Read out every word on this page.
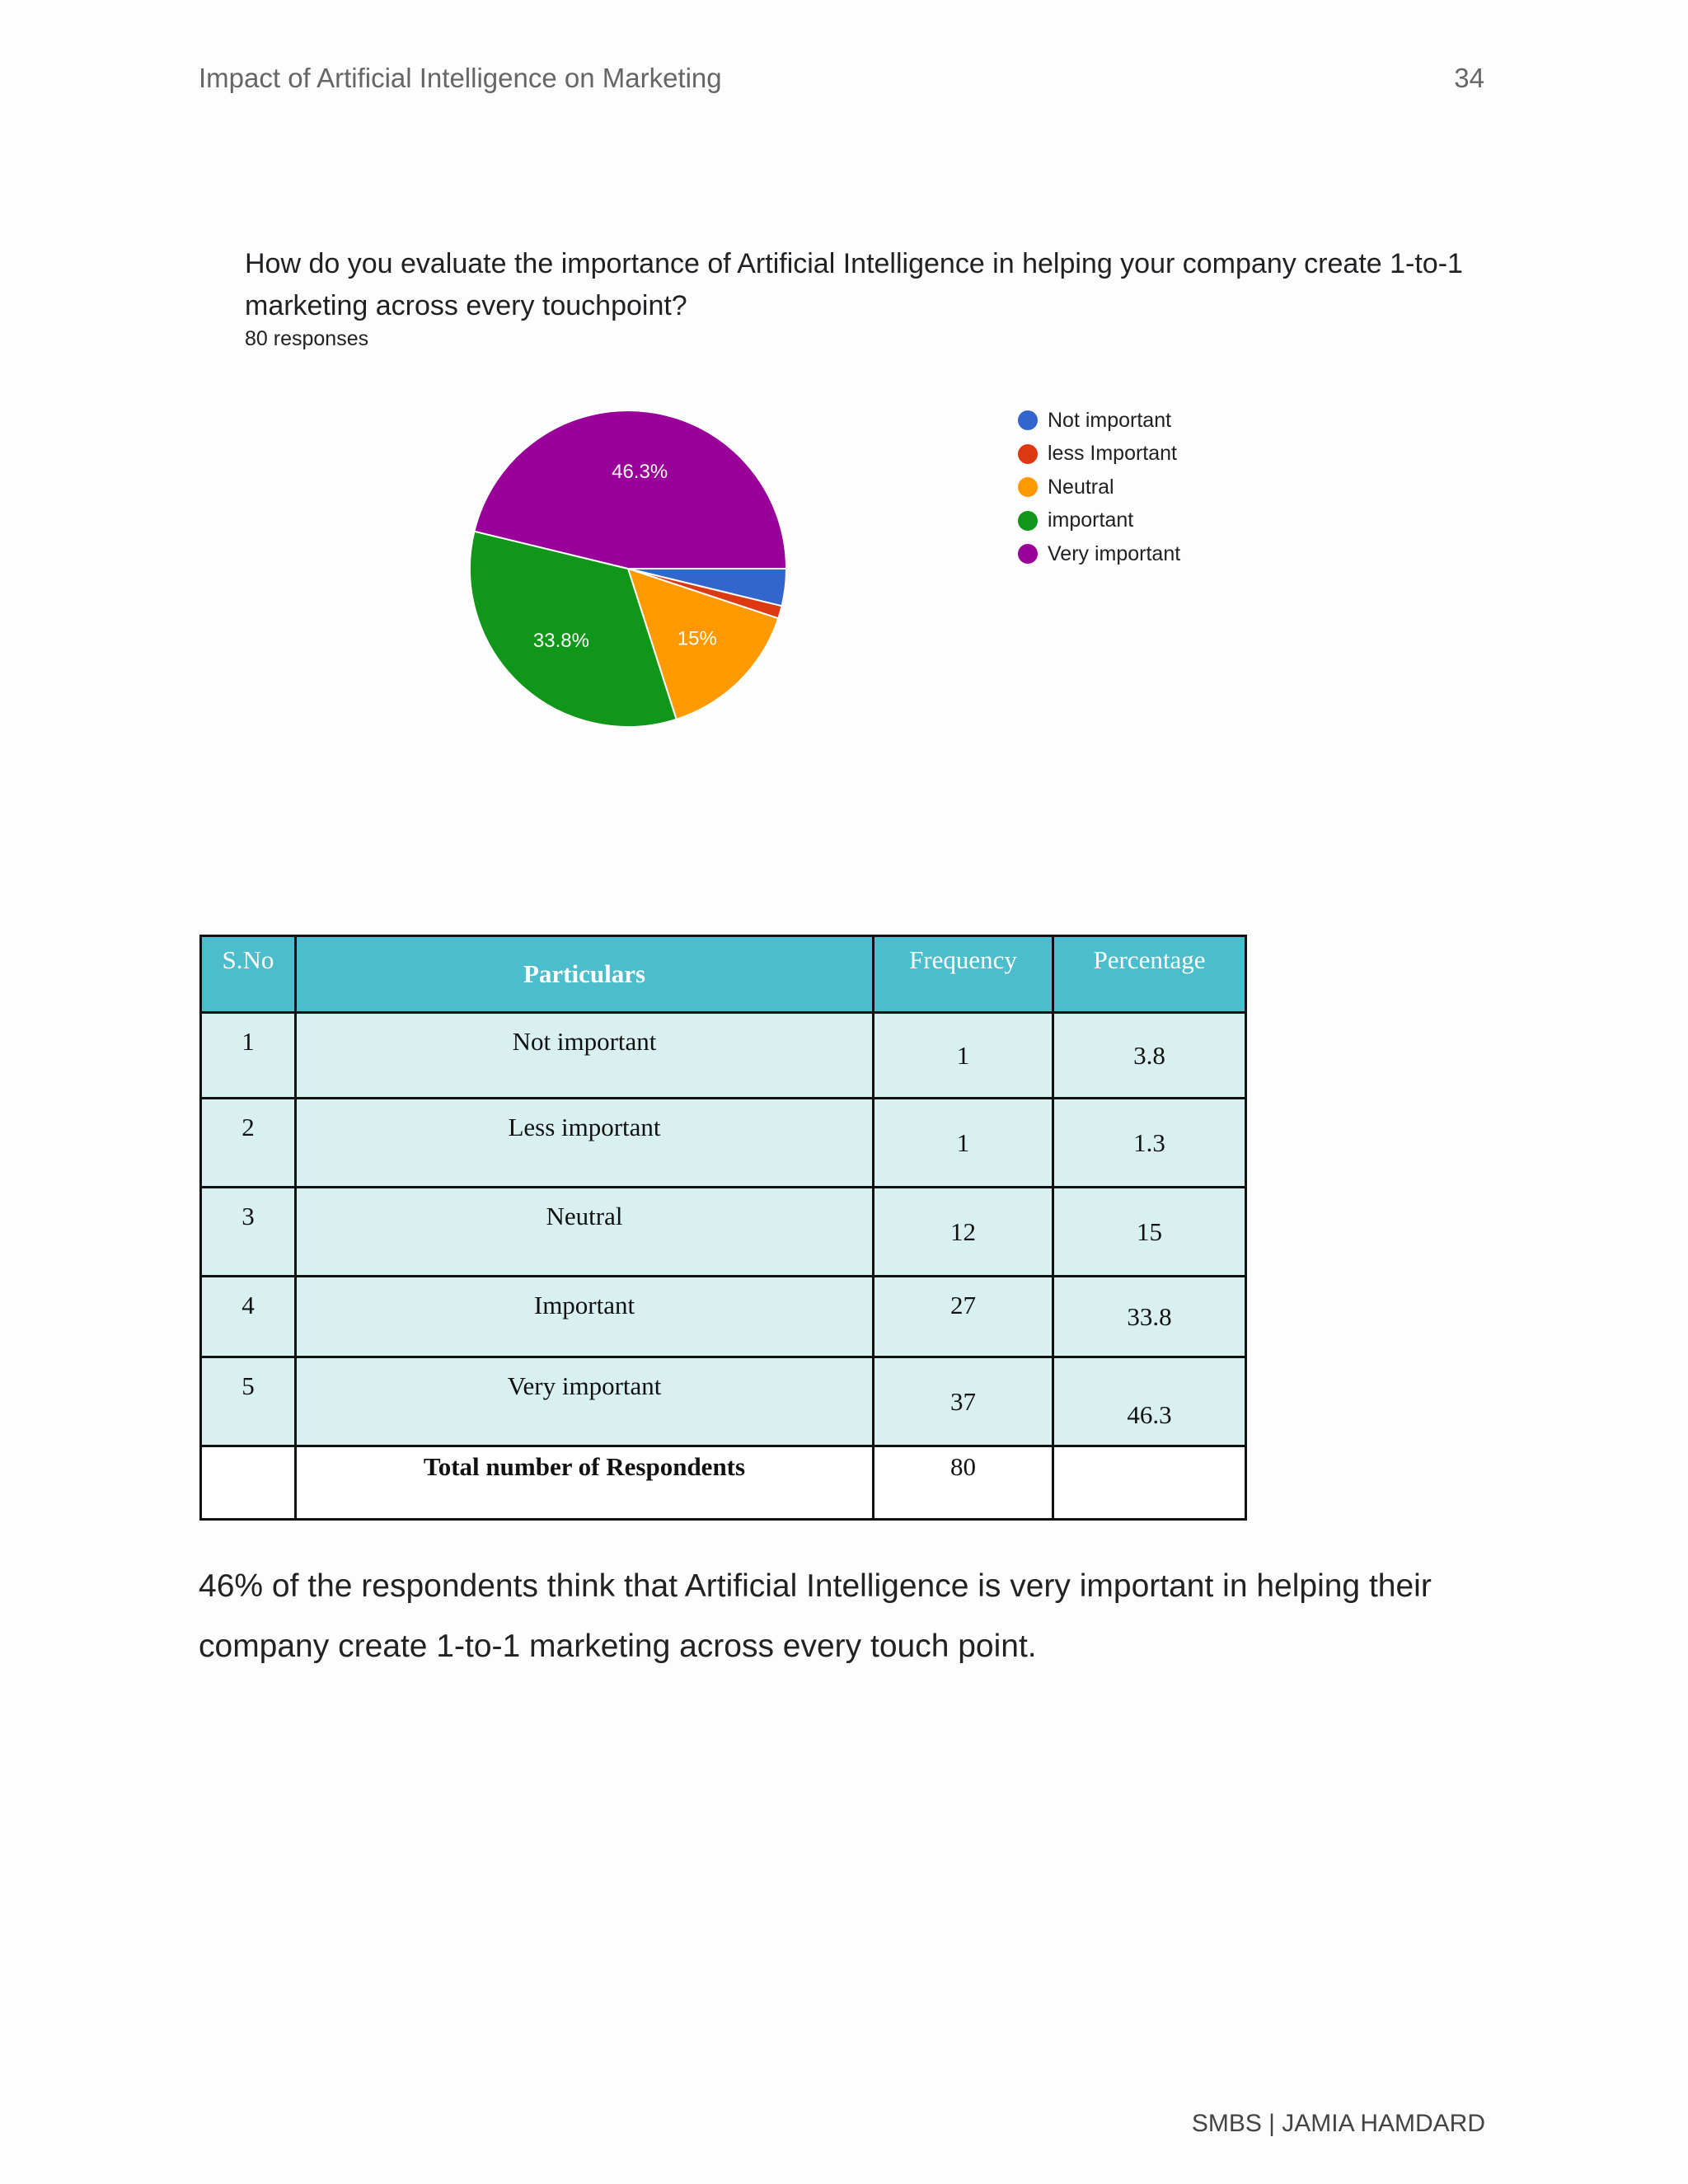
Impact of Artificial Intelligence on Marketing	34
15%
33.8%
46.3%
How do you evaluate the importance of Artificial Intelligence in helping your company create 1-to-1 marketing across every touchpoint?
80 responses
Not important
less Important
Neutral
important
Very important
S.No	Particulars	Frequency	Percentage
1	Not important	1	3.8
2	Less important	1	1.3
3	Neutral	12	15
4	Important	27	33.8
5	Very important	37	46.3
	Total number of Respondents	80	
46% of the respondents think that Artificial Intelligence is very important in helping their company create 1-to-1 marketing across every touch point.
SMBS | JAMIA HAMDARD
